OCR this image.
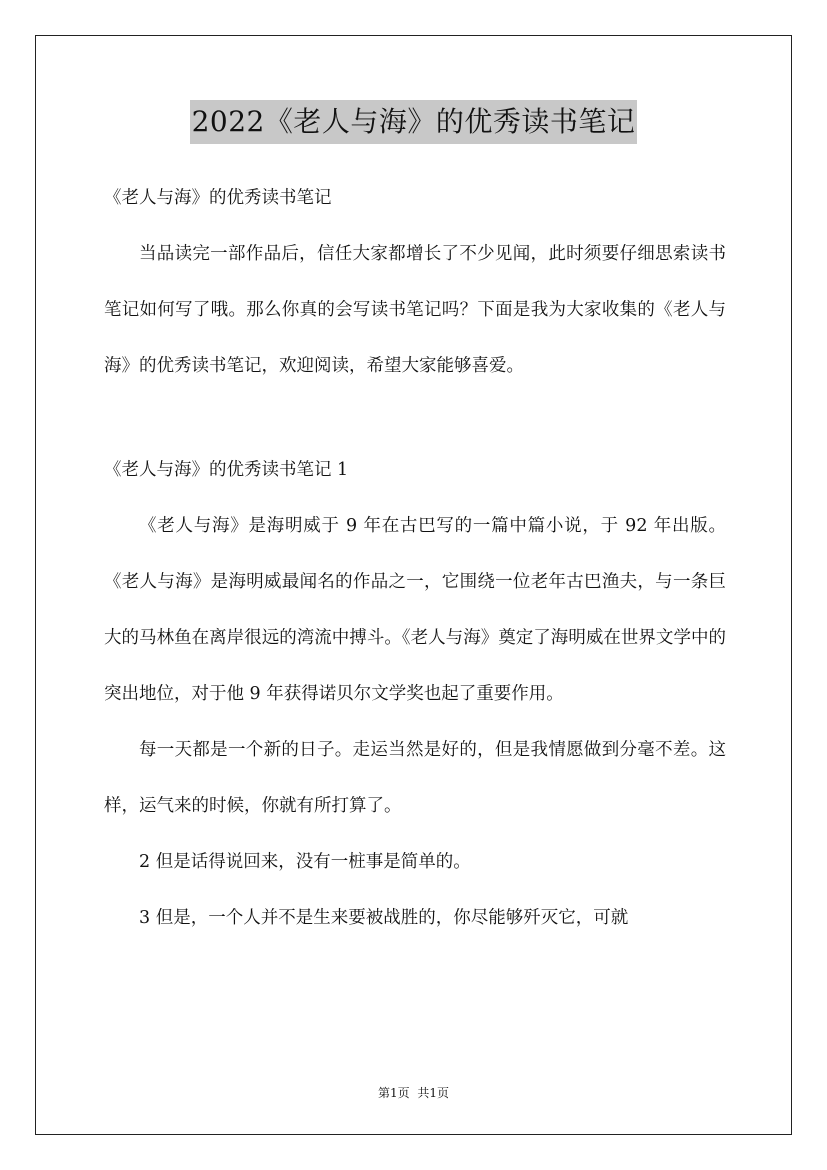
2022《老人与海》的优秀读书笔记

《老人与海》的优秀读书笔记

当品读完一部作品后，信任大家都增长了不少见闻，此时须要仔细思索读书笔记如何写了哦。那么你真的会写读书笔记吗？下面是我为大家收集的《老人与海》的优秀读书笔记，欢迎阅读，希望大家能够喜爱。

《老人与海》的优秀读书笔记 1

《老人与海》是海明威于 9 年在古巴写的一篇中篇小说，于 92 年出版。《老人与海》是海明威最闻名的作品之一，它围绕一位老年古巴渔夫，与一条巨大的马林鱼在离岸很远的湾流中搏斗。《老人与海》奠定了海明威在世界文学中的突出地位，对于他 9 年获得诺贝尔文学奖也起了重要作用。

每一天都是一个新的日子。走运当然是好的，但是我情愿做到分毫不差。这样，运气来的时候，你就有所打算了。

2 但是话得说回来，没有一桩事是简单的。

3 但是，一个人并不是生来要被战胜的，你尽能够歼灭它，可就

第1页 共1页
